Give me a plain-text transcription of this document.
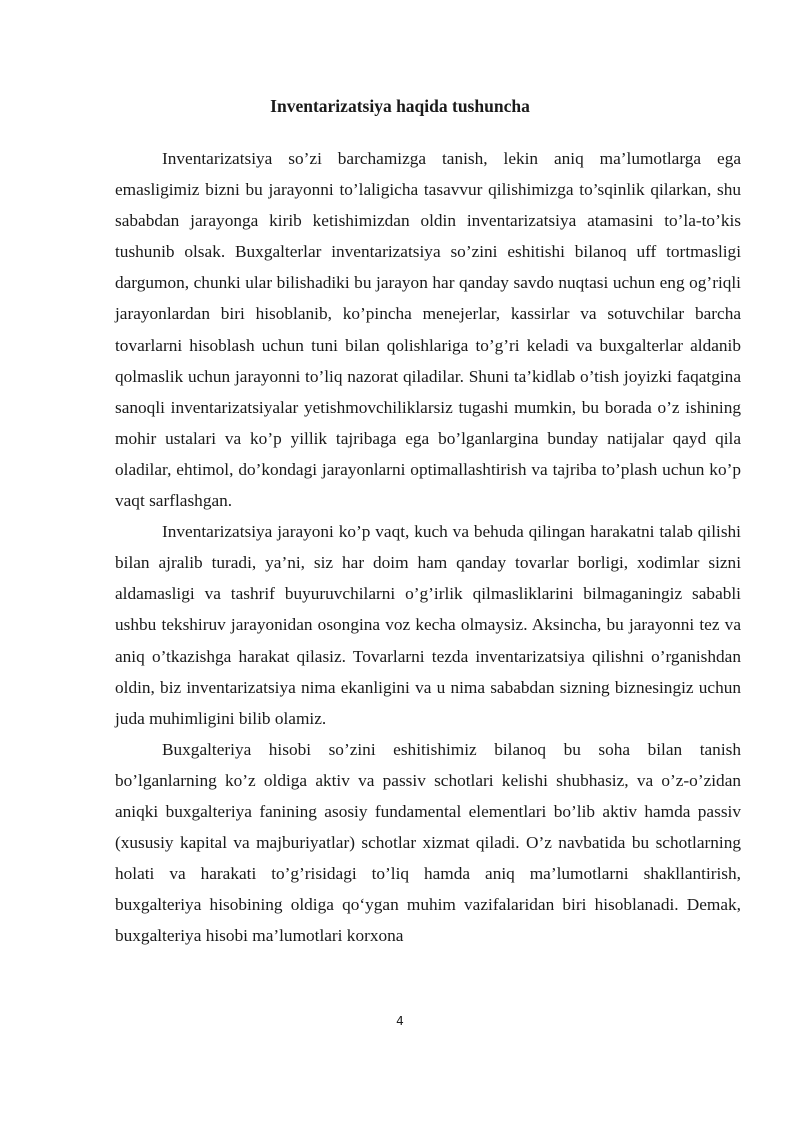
Inventarizatsiya haqida tushuncha

Inventarizatsiya so’zi barchamizga tanish, lekin aniq ma’lumotlarga ega emasligimiz bizni bu jarayonni to’laligicha tasavvur qilishimizga to’sqinlik qilarkan, shu sababdan jarayonga kirib ketishimizdan oldin inventarizatsiya atamasini to’la-to’kis tushunib olsak. Buxgalterlar inventarizatsiya so’zini eshitishi bilanoq uff tortmasligi dargumon, chunki ular bilishadiki bu jarayon har qanday savdo nuqtasi uchun eng og’riqli jarayonlardan biri hisoblanib, ko’pincha menejerlar, kassirlar va sotuvchilar barcha tovarlarni hisoblash uchun tuni bilan qolishlariga to’g’ri keladi va buxgalterlar aldanib qolmaslik uchun jarayonni to’liq nazorat qiladilar. Shuni ta’kidlab o’tish joyizki faqatgina sanoqli inventarizatsiyalar yetishmovchiliklarsiz tugashi mumkin, bu borada o’z ishining mohir ustalari va ko’p yillik tajribaga ega bo’lganlargina bunday natijalar qayd qila oladilar, ehtimol, do’kondagi jarayonlarni optimallashtirish va tajriba to’plash uchun ko’p vaqt sarflashgan.

Inventarizatsiya jarayoni ko’p vaqt, kuch va behuda qilingan harakatni talab qilishi bilan ajralib turadi, ya’ni, siz har doim ham qanday tovarlar borligi, xodimlar sizni aldamasligi va tashrif buyuruvchilarni o’g’irlik qilmasliklarini bilmaganingiz sababli ushbu tekshiruv jarayonidan osongina voz kecha olmaysiz. Aksincha, bu jarayonni tez va aniq o’tkazishga harakat qilasiz. Tovarlarni tezda inventarizatsiya qilishni o’rganishdan oldin, biz inventarizatsiya nima ekanligini va u nima sababdan sizning biznesingiz uchun juda muhimligini bilib olamiz.

Buxgalteriya hisobi so’zini eshitishimiz bilanoq bu soha bilan tanish bo’lganlarning ko’z oldiga aktiv va passiv schotlari kelishi shubhasiz, va o’z-o’zidan aniqki buxgalteriya fanining asosiy fundamental elementlari bo’lib aktiv hamda passiv (xususiy kapital va majburiyatlar) schotlar xizmat qiladi. O’z navbatida bu schotlarning holati va harakati to’g’risidagi to’liq hamda aniq ma’lumotlarni shakllantirish, buxgalteriya hisobining oldiga qo‘ygan muhim vazifalaridan biri hisoblanadi. Demak, buxgalteriya hisobi ma’lumotlari korxona

4
